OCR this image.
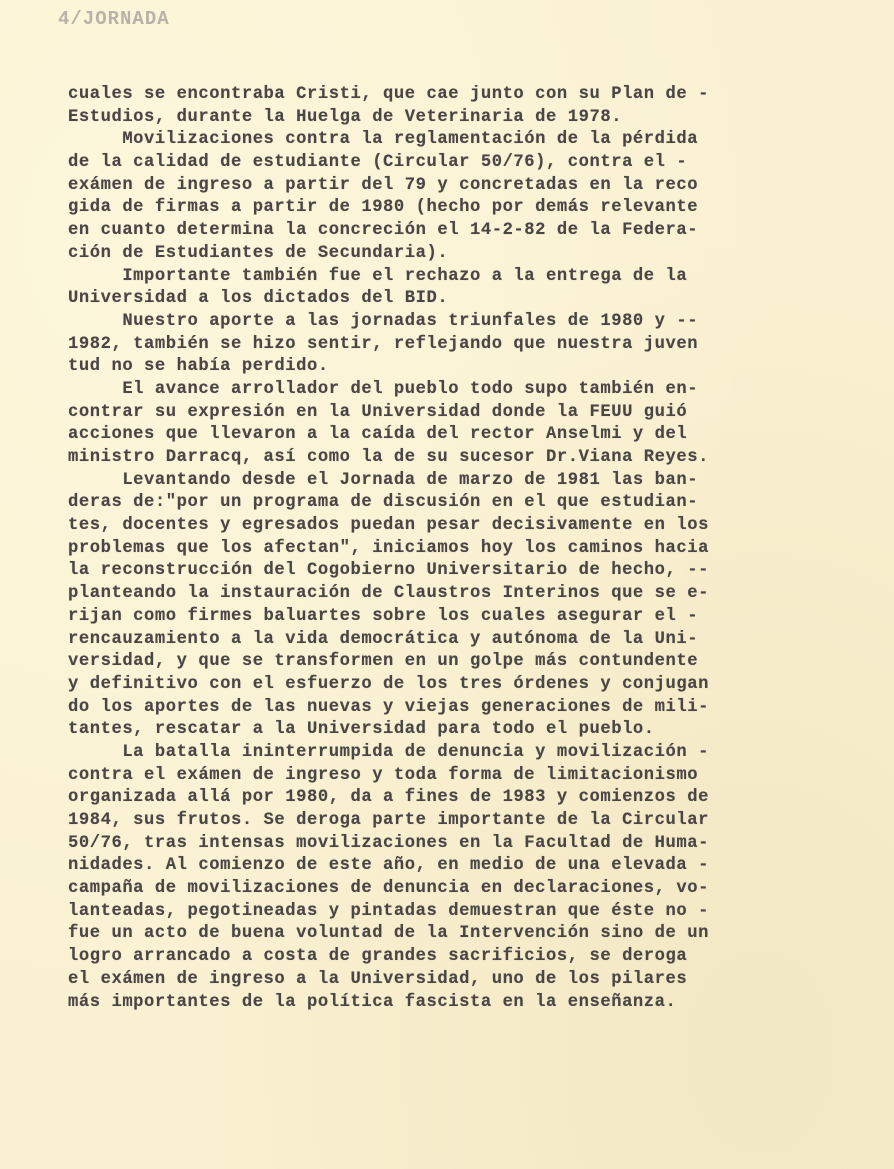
4/JORNADA
cuales se encontraba Cristi, que cae junto con su Plan de -
Estudios, durante la Huelga de Veterinaria de 1978.
Movilizaciones contra la reglamentación de la pérdida
de la calidad de estudiante (Circular 50/76), contra el -
exámen de ingreso a partir del 79 y concretadas en la reco
gida de firmas a partir de 1980 (hecho por demás relevante
en cuanto determina la concreción el 14-2-82 de la Federa-
ción de Estudiantes de Secundaria).
Importante también fue el rechazo a la entrega de la
Universidad a los dictados del BID.
Nuestro aporte a las jornadas triunfales de 1980 y --
1982, también se hizo sentir, reflejando que nuestra juven
tud no se había perdido.
El avance arrollador del pueblo todo supo también en-
contrar su expresión en la Universidad donde la FEUU guió
acciones que llevaron a la caída del rector Anselmi y del
ministro Darracq, así como la de su sucesor Dr.Viana Reyes.
Levantando desde el Jornada de marzo de 1981 las ban-
deras de:"por un programa de discusión en el que estudian-
tes, docentes y egresados puedan pesar decisivamente en los
problemas que los afectan", iniciamos hoy los caminos hacia
la reconstrucción del Cogobierno Universitario de hecho, --
planteando la instauración de Claustros Interinos que se e-
rijan como firmes baluartes sobre los cuales asegurar el -
rencauzamiento a la vida democrática y autónoma de la Uni-
versidad, y que se transformen en un golpe más contundente
y definitivo con el esfuerzo de los tres órdenes y conjugan
do los aportes de las nuevas y viejas generaciones de mili-
tantes, rescatar a la Universidad para todo el pueblo.
La batalla ininterrumpida de denuncia y movilización -
contra el exámen de ingreso y toda forma de limitacionismo
organizada allá por 1980, da a fines de 1983 y comienzos de
1984, sus frutos. Se deroga parte importante de la Circular
50/76, tras intensas movilizaciones en la Facultad de Huma-
nidades. Al comienzo de este año, en medio de una elevada -
campaña de movilizaciones de denuncia en declaraciones, vo-
lanteadas, pegotineadas y pintadas demuestran que éste no -
fue un acto de buena voluntad de la Intervención sino de un
logro arrancado a costa de grandes sacrificios, se deroga
el exámen de ingreso a la Universidad, uno de los pilares
más importantes de la política fascista en la enseñanza.
